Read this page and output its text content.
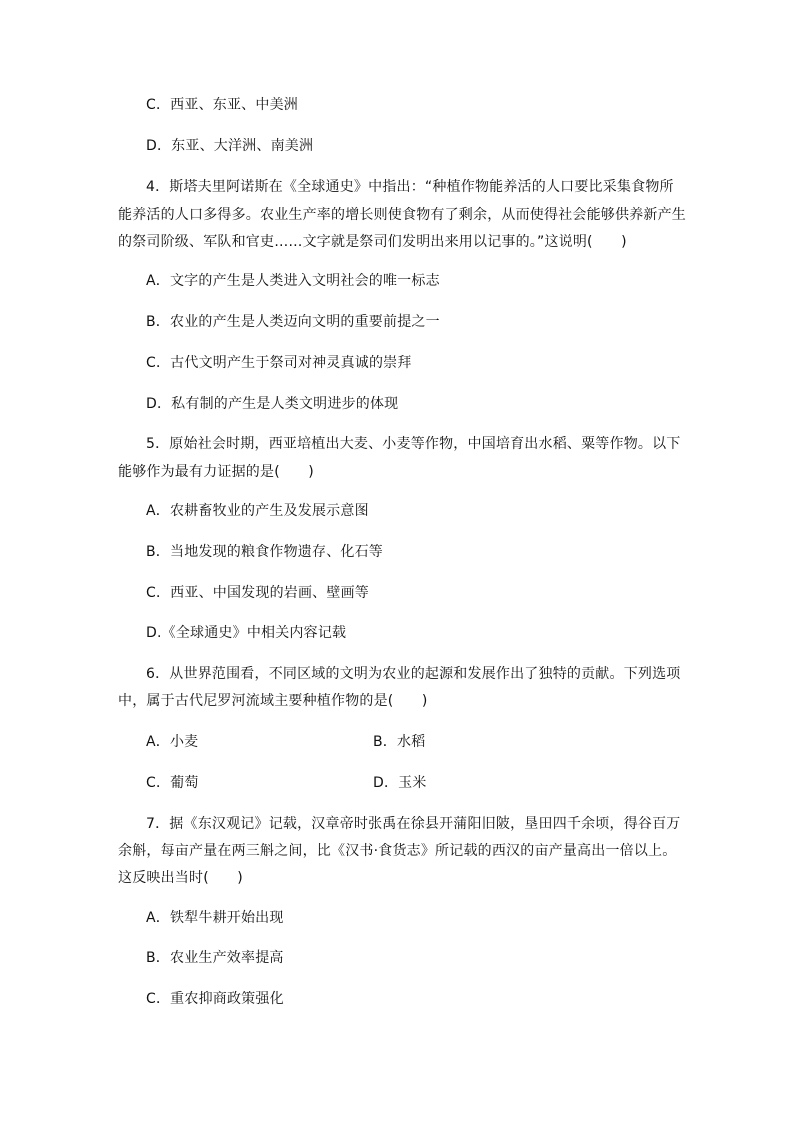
C．西亚、东亚、中美洲
D．东亚、大洋洲、南美洲
4．斯塔夫里阿诺斯在《全球通史》中指出：“种植作物能养活的人口要比采集食物所
能养活的人口多得多。农业生产率的增长则使食物有了剩余，从而使得社会能够供养新产生
的祭司阶级、军队和官吏……文字就是祭司们发明出来用以记事的。”这说明(　　)
A．文字的产生是人类进入文明社会的唯一标志
B．农业的产生是人类迈向文明的重要前提之一
C．古代文明产生于祭司对神灵真诚的崇拜
D．私有制的产生是人类文明进步的体现
5．原始社会时期，西亚培植出大麦、小麦等作物，中国培育出水稻、粟等作物。以下
能够作为最有力证据的是(　　)
A．农耕畜牧业的产生及发展示意图
B．当地发现的粮食作物遗存、化石等
C．西亚、中国发现的岩画、壁画等
D.《全球通史》中相关内容记载
6．从世界范围看，不同区域的文明为农业的起源和发展作出了独特的贡献。下列选项
中，属于古代尼罗河流域主要种植作物的是(　　)
A．小麦	B．水稻
C．葡萄	D．玉米
7．据《东汉观记》记载，汉章帝时张禹在徐县开蒲阳旧陂，垦田四千余顷，得谷百万
余斛，每亩产量在两三斛之间，比《汉书·食货志》所记载的西汉的亩产量高出一倍以上。
这反映出当时(　　)
A．铁犁牛耕开始出现
B．农业生产效率提高
C．重农抑商政策强化
